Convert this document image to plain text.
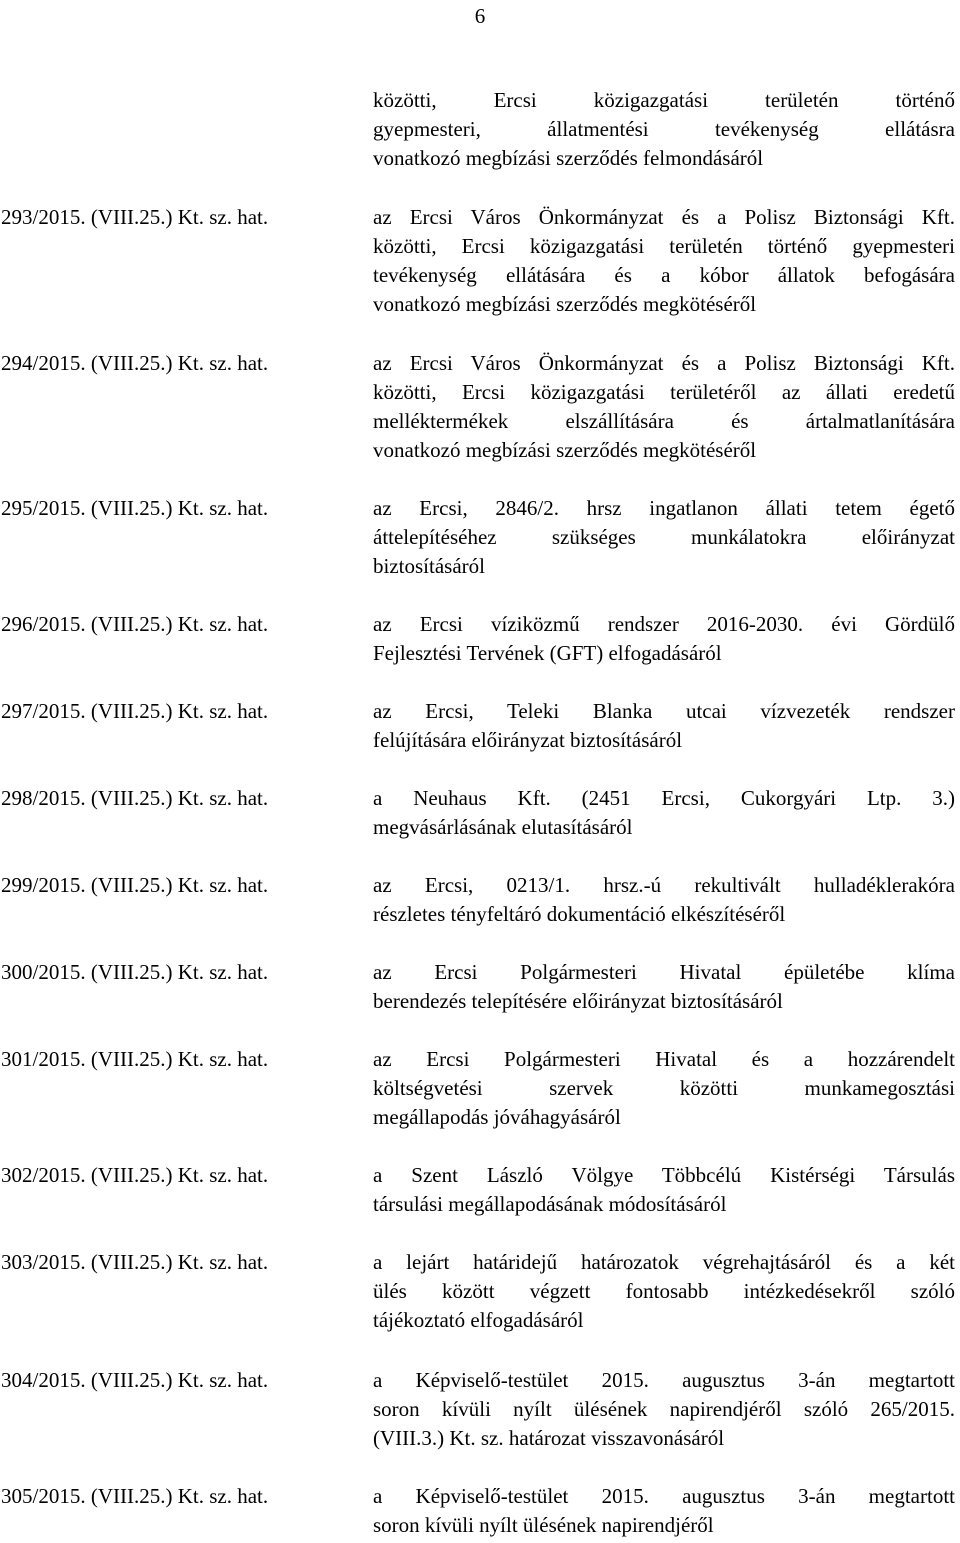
6
közötti, Ercsi közigazgatási területén történő
gyepmesteri, állatmentési tevékenység ellátásra
vonatkozó megbízási szerződés felmondásáról
293/2015. (VIII.25.) Kt. sz. hat.	az Ercsi Város Önkormányzat és a Polisz Biztonsági Kft.
közötti, Ercsi közigazgatási területén történő gyepmesteri
tevékenység ellátására és a kóbor állatok befogására
vonatkozó megbízási szerződés megkötéséről
294/2015. (VIII.25.) Kt. sz. hat.	az Ercsi Város Önkormányzat és a Polisz Biztonsági Kft.
közötti, Ercsi közigazgatási területéről az állati eredetű
melléktermékek elszállítására és ártalmatlanítására
vonatkozó megbízási szerződés megkötéséről
295/2015. (VIII.25.) Kt. sz. hat.	az Ercsi, 2846/2. hrsz ingatlanon állati tetem égető
áttelepítéséhez szükséges munkálatokra előirányzat
biztosításáról
296/2015. (VIII.25.) Kt. sz. hat.	az Ercsi víziközmű rendszer 2016-2030. évi Gördülő
Fejlesztési Tervének (GFT) elfogadásáról
297/2015. (VIII.25.) Kt. sz. hat.	az Ercsi, Teleki Blanka utcai vízvezeték rendszer
felújítására előirányzat biztosításáról
298/2015. (VIII.25.) Kt. sz. hat.	a Neuhaus Kft. (2451 Ercsi, Cukorgyári Ltp. 3.)
megvásárlásának elutasításáról
299/2015. (VIII.25.) Kt. sz. hat.	az Ercsi, 0213/1. hrsz.-ú rekultivált hulladéklerakóra
részletes tényfeltáró dokumentáció elkészítéséről
300/2015. (VIII.25.) Kt. sz. hat.	az Ercsi Polgármesteri Hivatal épületébe klíma
berendezés telepítésére előirányzat biztosításáról
301/2015. (VIII.25.) Kt. sz. hat.	az Ercsi Polgármesteri Hivatal és a hozzárendelt
költségvetési szervek közötti munkamegosztási
megállapodás jóváhagyásáról
302/2015. (VIII.25.) Kt. sz. hat.	a Szent László Völgye Többcélú Kistérségi Társulás
társulási megállapodásának módosításáról
303/2015. (VIII.25.) Kt. sz. hat.	a lejárt határidejű határozatok végrehajtásáról és a két
ülés között végzett fontosabb intézkedésekről szóló
tájékoztató elfogadásáról
304/2015. (VIII.25.) Kt. sz. hat.	a Képviselő-testület 2015. augusztus 3-án megtartott
soron kívüli nyílt ülésének napirendjéről szóló 265/2015.
(VIII.3.) Kt. sz. határozat visszavonásáról
305/2015. (VIII.25.) Kt. sz. hat.	a Képviselő-testület 2015. augusztus 3-án megtartott
soron kívüli nyílt ülésének napirendjéről
